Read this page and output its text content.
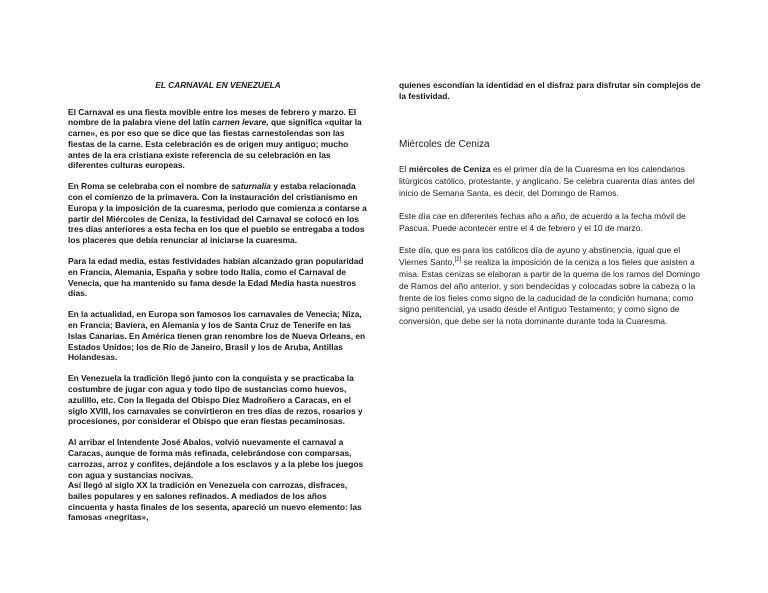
EL CARNAVAL EN VENEZUELA

El Carnaval es una fiesta movible entre los meses de febrero y marzo. El nombre de la palabra viene del latín carnen levare, que significa «quitar la carne», es por eso que se dice que las fiestas carnestolendas son las fiestas de la carne. Esta celebración es de origen muy antiguo; mucho antes de la era cristiana existe referencia de su celebración en las diferentes culturas europeas.

En Roma se celebraba con el nombre de saturnalia y estaba relacionada con el comienzo de la primavera. Con la instauración del cristianismo en Europa y la imposición de la cuaresma, periodo que comienza a contarse a partir del Miércoles de Ceniza, la festividad del Carnaval se colocó en los tres días anteriores a esta fecha en los que el pueblo se entregaba a todos los placeres que debía renunciar al iniciarse la cuaresma.

Para la edad media, estas festividades habían alcanzado gran popularidad en Francia, Alemania, España y sobre todo Italia, como el Carnaval de Venecia, que ha mantenido su fama desde la Edad Media hasta nuestros días.

En la actualidad, en Europa son famosos los carnavales de Venecia; Niza, en Francia; Baviera, en Alemania y los de Santa Cruz de Tenerife en las Islas Canarias. En América tienen gran renombre los de Nueva Orleans, en Estados Unidos; los de Río de Janeiro, Brasil y los de Aruba, Antillas Holandesas.

En Venezuela la tradición llegó junto con la conquista y se practicaba la costumbre de jugar con agua y todo tipo de sustancias como huevos, azulillo, etc. Con la llegada del Obispo Diez Madroñero a Caracas, en el siglo XVIII, los carnavales se convirtieron en tres días de rezos, rosarios y procesiones, por considerar el Obispo que eran fiestas pecaminosas.

Al arribar el Intendente José Abalos, volvió nuevamente el carnaval a Caracas, aunque de forma más refinada, celebrándose con comparsas, carrozas, arroz y confites, dejándole a los esclavos y a la plebe los juegos con agua y sustancias nocivas.

Así llegó al siglo XX la tradición en Venezuela con carrozas, disfraces, bailes populares y en salones refinados. A mediados de los años cincuenta y hasta finales de los sesenta, apareció un nuevo elemento: las famosas «negritas»,

quienes escondían la identidad en el disfraz para disfrutar sin complejos de la festividad.

Miércoles de Ceniza

El miércoles de Ceniza es el primer día de la Cuaresma en los calendarios litúrgicos católico, protestante, y anglicano. Se celebra cuarenta días antes del inicio de Semana Santa, es decir, del Domingo de Ramos.

Este día cae en diferentes fechas año a año, de acuerdo a la fecha móvil de Pascua. Puede acontecer entre el 4 de febrero y el 10 de marzo.

Este día, que es para los católicos día de ayuno y abstinencia, igual que el Viernes Santo,[2] se realiza la imposición de la ceniza a los fieles que asisten a misa. Estas cenizas se elaboran a partir de la quema de los ramos del Domingo de Ramos del año anterior, y son bendecidas y colocadas sobre la cabeza o la frente de los fieles como signo de la caducidad de la condición humana; como signo penitencial, ya usado desde el Antiguo Testamento; y como signo de conversión, que debe ser la nota dominante durante toda la Cuaresma.
